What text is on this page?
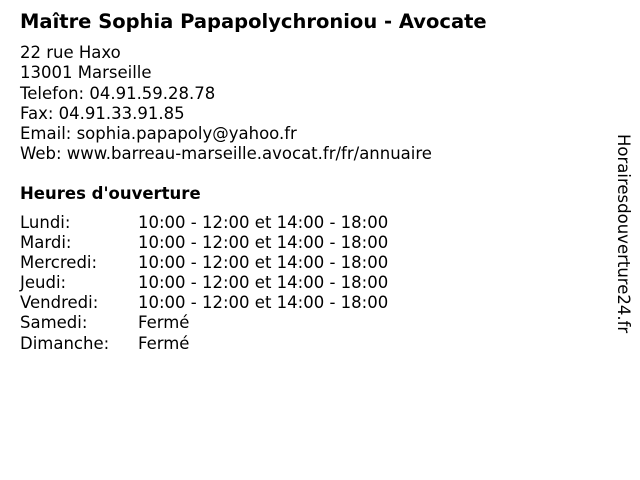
Maître Sophia Papapolychroniou - Avocate
22 rue Haxo
13001 Marseille
Telefon: 04.91.59.28.78
Fax: 04.91.33.91.85
Email: sophia.papapoly@yahoo.fr
Web: www.barreau-marseille.avocat.fr/fr/annuaire
Heures d'ouverture
Lundi:	10:00 - 12:00 et 14:00 - 18:00
Mardi:	10:00 - 12:00 et 14:00 - 18:00
Mercredi: 10:00 - 12:00 et 14:00 - 18:00
Jeudi:	10:00 - 12:00 et 14:00 - 18:00
Vendredi: 10:00 - 12:00 et 14:00 - 18:00
Samedi:	Fermé
Dimanche: Fermé
Horairesdouverture24.fr
